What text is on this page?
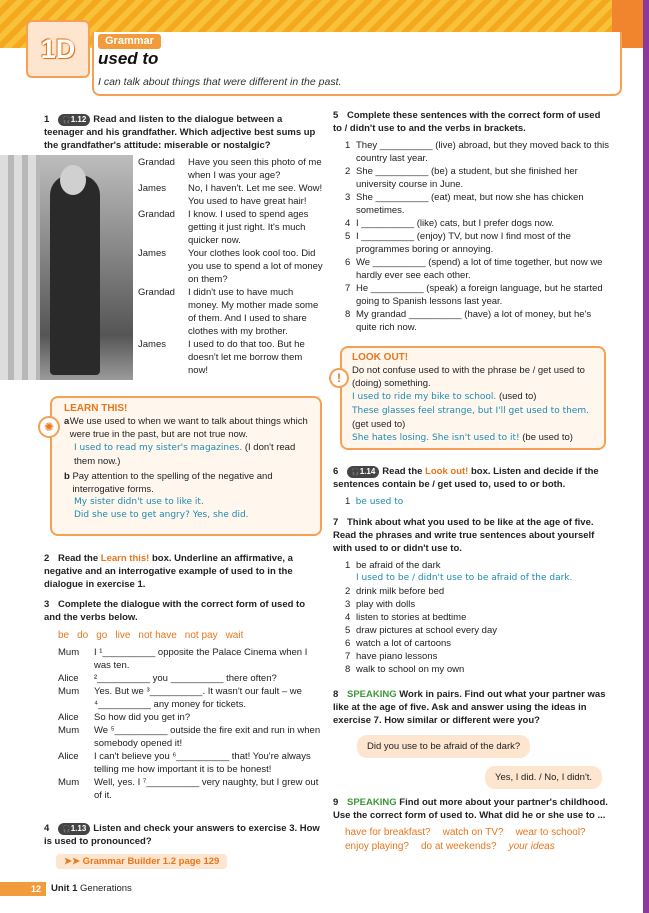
1D	Grammar
used to
I can talk about things that were different in the past.
1	🎧 1.12 Read and listen to the dialogue between a teenager and his grandfather. Which adjective best sums up the grandfather's attitude: miserable or nostalgic?
Grandad	Have you seen this photo of me when I was your age?
James	No, I haven't. Let me see. Wow! You used to have great hair!
Grandad	I know. I used to spend ages getting it just right. It's much quicker now.
James	Your clothes look cool too. Did you use to spend a lot of money on them?
Grandad	I didn't use to have much money. My mother made some of them. And I used to share clothes with my brother.
James	I used to do that too. But he doesn't let me borrow them now!
✺
LEARN THIS!
a We use used to when we want to talk about things which were true in the past, but are not true now.
I used to read my sister's magazines. (I don't read them now.)
b Pay attention to the spelling of the negative and interrogative forms.
My sister didn't use to like it.
Did she use to get angry? Yes, she did.
2 Read the Learn this! box. Underline an affirmative, a negative and an interrogative example of used to in the dialogue in exercise 1.
3 Complete the dialogue with the correct form of used to and the verbs below.
be do go live not have not pay wait
Mum	I ¹__________ opposite the Palace Cinema when I was ten.
Alice	²__________ you __________ there often?
Mum	Yes. But we ³__________. It wasn't our fault – we ⁴__________ any money for tickets.
Alice	So how did you get in?
Mum	We ⁵__________ outside the fire exit and run in when somebody opened it!
Alice	I can't believe you ⁶__________ that! You're always telling me how important it is to be honest!
Mum	Well, yes. I ⁷__________ very naughty, but I grew out of it.
4	🎧 1.13 Listen and check your answers to exercise 3. How is used to pronounced?
➤➤ Grammar Builder 1.2 page 129
5 Complete these sentences with the correct form of used to / didn't use to and the verbs in brackets.
1 They __________ (live) abroad, but they moved back to this country last year.
2 She __________ (be) a student, but she finished her university course in June.
3 She __________ (eat) meat, but now she has chicken sometimes.
4 I __________ (like) cats, but I prefer dogs now.
5 I __________ (enjoy) TV, but now I find most of the programmes boring or annoying.
6 We __________ (spend) a lot of time together, but now we hardly ever see each other.
7 He __________ (speak) a foreign language, but he started going to Spanish lessons last year.
8 My grandad __________ (have) a lot of money, but he's quite rich now.
!
LOOK OUT!
Do not confuse used to with the phrase be / get used to (doing) something.
I used to ride my bike to school. (used to)
These glasses feel strange, but I'll get used to them. (get used to)
She hates losing. She isn't used to it! (be used to)
6	🎧 1.14 Read the Look out! box. Listen and decide if the sentences contain be / get used to, used to or both.
1 be used to
7 Think about what you used to be like at the age of five. Read the phrases and write true sentences about yourself with used to or didn't use to.
1 be afraid of the dark
I used to be / didn't use to be afraid of the dark.
2 drink milk before bed
3 play with dolls
4 listen to stories at bedtime
5 draw pictures at school every day
6 watch a lot of cartoons
7 have piano lessons
8 walk to school on my own
8 SPEAKING Work in pairs. Find out what your partner was like at the age of five. Ask and answer using the ideas in exercise 7. How similar or different were you?
Did you use to be afraid of the dark?
Yes, I did. / No, I didn't.
9 SPEAKING Find out more about your partner's childhood. Use the correct form of used to. What did he or she use to ...
have for breakfast? watch on TV? wear to school?enjoy playing? do at weekends? your ideas
12	Unit 1 Generations
